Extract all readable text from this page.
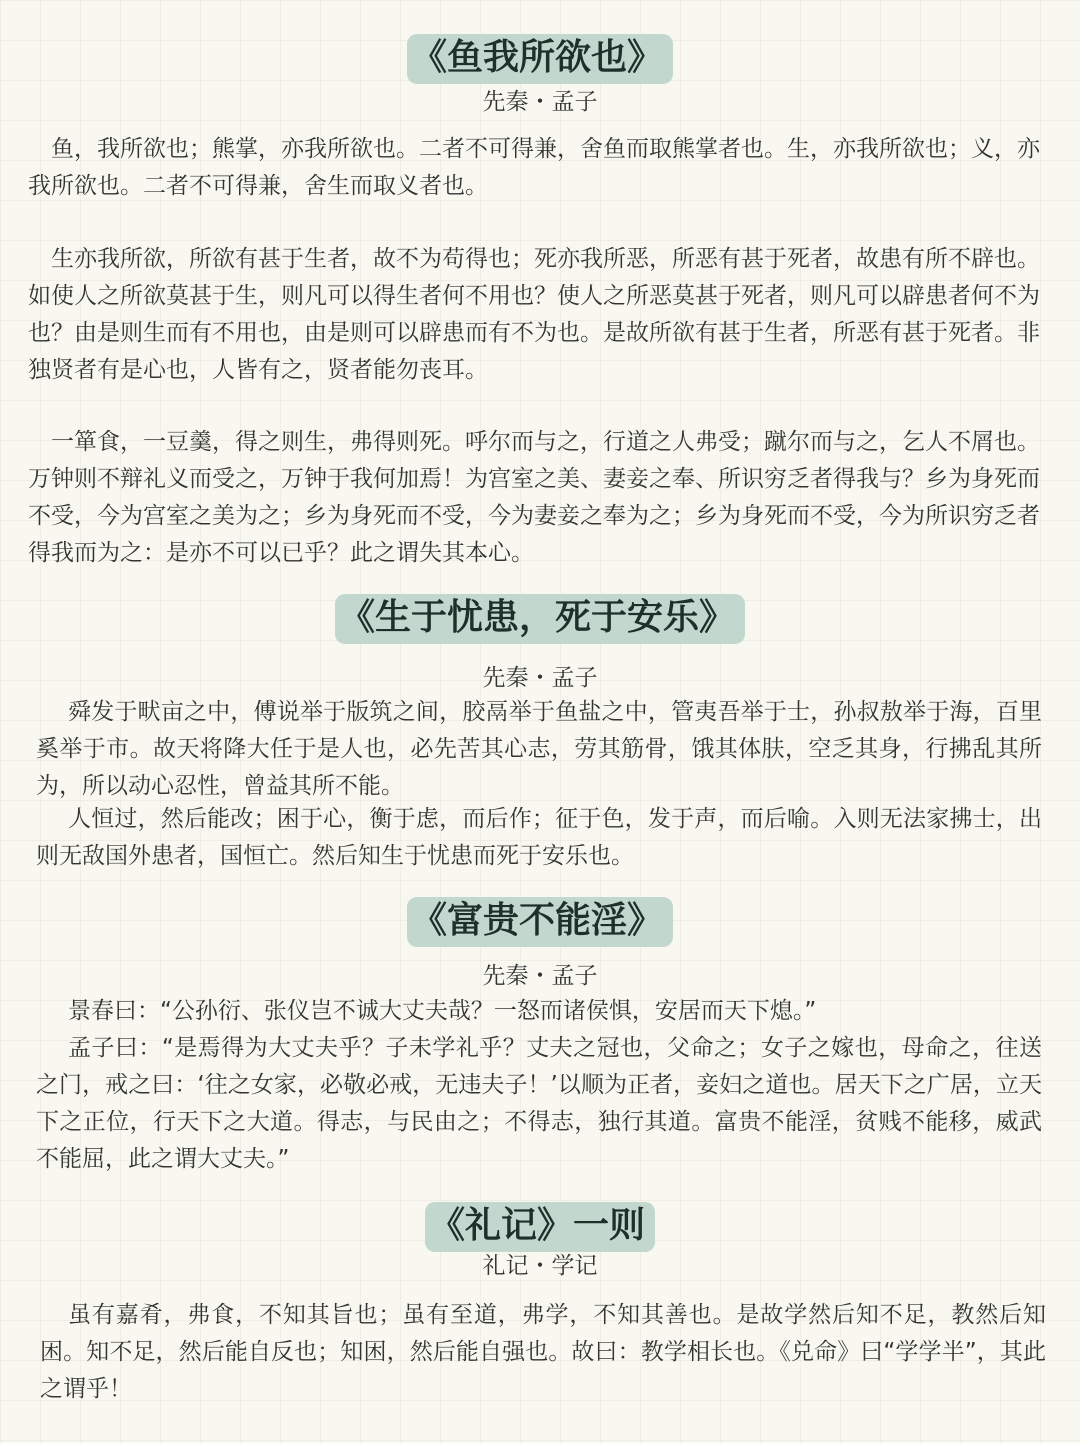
《鱼我所欲也》
先秦・孟子

鱼，我所欲也；熊掌，亦我所欲也。二者不可得兼，舍鱼而取熊掌者也。生，亦我所欲也；义，亦我所欲也。二者不可得兼，舍生而取义者也。

生亦我所欲，所欲有甚于生者，故不为苟得也；死亦我所恶，所恶有甚于死者，故患有所不辟也。如使人之所欲莫甚于生，则凡可以得生者何不用也？使人之所恶莫甚于死者，则凡可以辟患者何不为也？由是则生而有不用也，由是则可以辟患而有不为也。是故所欲有甚于生者，所恶有甚于死者。非独贤者有是心也，人皆有之，贤者能勿丧耳。

一箪食，一豆羹，得之则生，弗得则死。呼尔而与之，行道之人弗受；蹴尔而与之，乞人不屑也。万钟则不辩礼义而受之，万钟于我何加焉！为宫室之美、妻妾之奉、所识穷乏者得我与？乡为身死而不受，今为宫室之美为之；乡为身死而不受，今为妻妾之奉为之；乡为身死而不受，今为所识穷乏者得我而为之：是亦不可以已乎？此之谓失其本心。

《生于忧患，死于安乐》
先秦・孟子

舜发于畎亩之中，傅说举于版筑之间，胶鬲举于鱼盐之中，管夷吾举于士，孙叔敖举于海，百里奚举于市。故天将降大任于是人也，必先苦其心志，劳其筋骨，饿其体肤，空乏其身，行拂乱其所为，所以动心忍性，曾益其所不能。

人恒过，然后能改；困于心，衡于虑，而后作；征于色，发于声，而后喻。入则无法家拂士，出则无敌国外患者，国恒亡。然后知生于忧患而死于安乐也。

《富贵不能淫》
先秦・孟子

景春曰：“公孙衍、张仪岂不诚大丈夫哉？一怒而诸侯惧，安居而天下熄。”

孟子曰：“是焉得为大丈夫乎？子未学礼乎？丈夫之冠也，父命之；女子之嫁也，母命之，往送之门，戒之曰：‘往之女家，必敬必戒，无违夫子！’以顺为正者，妾妇之道也。居天下之广居，立天下之正位，行天下之大道。得志，与民由之；不得志，独行其道。富贵不能淫，贫贱不能移，威武不能屈，此之谓大丈夫。”

《礼记》一则
礼记・学记

虽有嘉肴，弗食，不知其旨也；虽有至道，弗学，不知其善也。是故学然后知不足，教然后知困。知不足，然后能自反也；知困，然后能自强也。故曰：教学相长也。《兑命》曰“学学半”，其此之谓乎！
